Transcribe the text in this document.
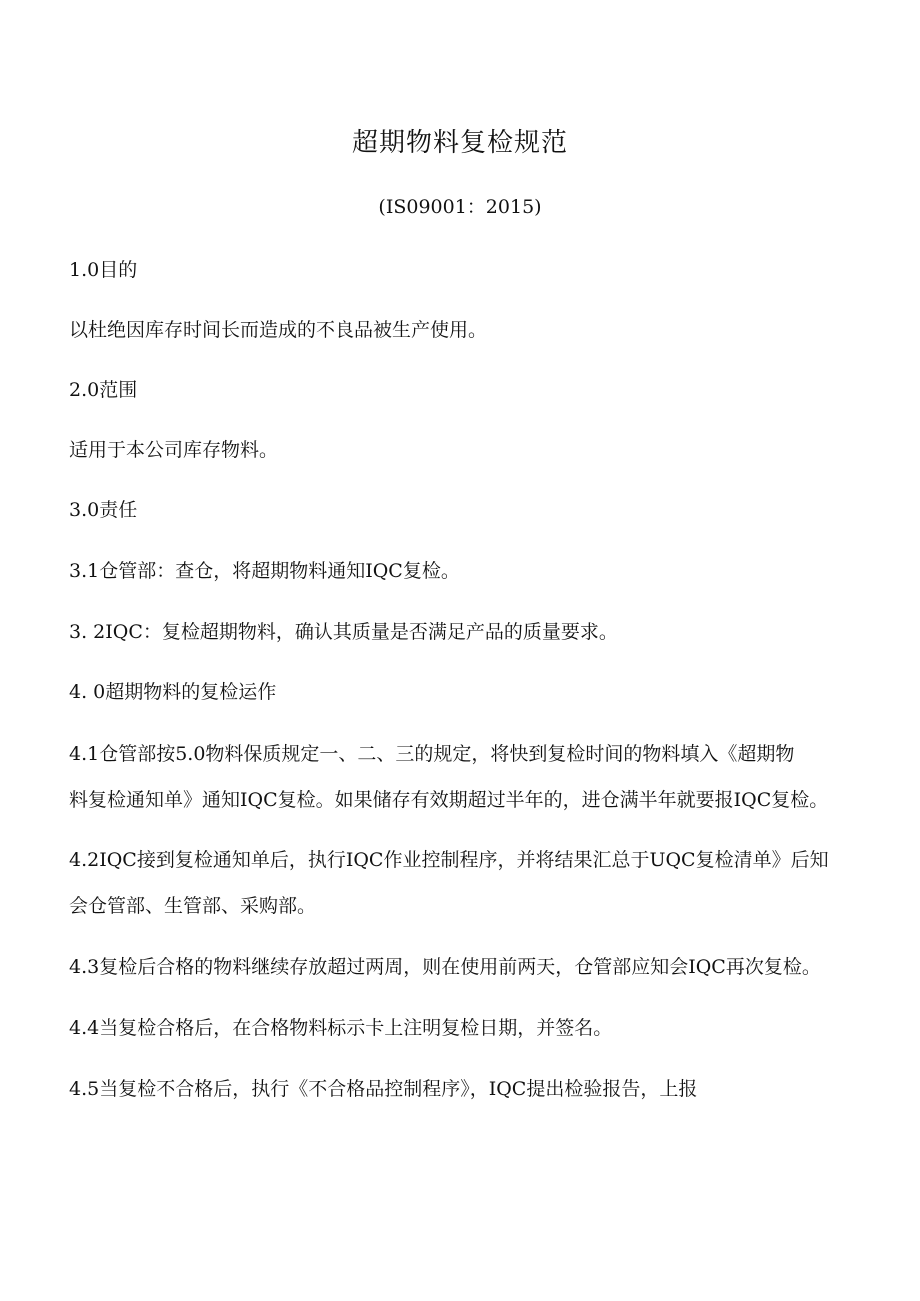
超期物料复检规范
(IS09001：2015)
1.0目的
以杜绝因库存时间长而造成的不良品被生产使用。
2.0范围
适用于本公司库存物料。
3.0责任
3.1仓管部：查仓，将超期物料通知IQC复检。
3. 2IQC：复检超期物料，确认其质量是否满足产品的质量要求。
4. 0超期物料的复检运作
4.1仓管部按5.0物料保质规定一、二、三的规定，将快到复检时间的物料填入《超期物
料复检通知单》通知IQC复检。如果储存有效期超过半年的，进仓满半年就要报IQC复检。
4.2IQC接到复检通知单后，执行IQC作业控制程序，并将结果汇总于UQC复检清单》后知
会仓管部、生管部、采购部。
4.3复检后合格的物料继续存放超过两周，则在使用前两天，仓管部应知会IQC再次复检。
4.4当复检合格后，在合格物料标示卡上注明复检日期，并签名。
4.5当复检不合格后，执行《不合格品控制程序》，IQC提出检验报告，上报
